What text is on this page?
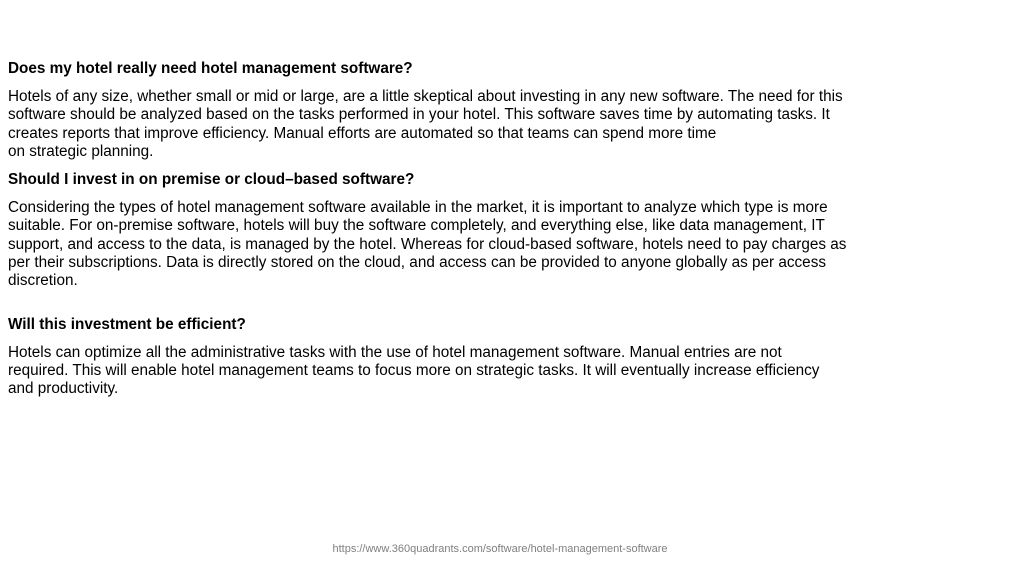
Does my hotel really need hotel management software?
Hotels of any size, whether small or mid or large, are a little skeptical about investing in any new software. The need for this
software should be analyzed based on the tasks performed in your hotel. This software saves time by automating tasks. It
creates reports that improve efficiency. Manual efforts are automated so that teams can spend more time
on strategic planning.
Should I invest in on premise or cloud–based software?
Considering the types of hotel management software available in the market, it is important to analyze which type is more
suitable. For on-premise software, hotels will buy the software completely, and everything else, like data management, IT
support, and access to the data, is managed by the hotel. Whereas for cloud-based software, hotels need to pay charges as
per their subscriptions. Data is directly stored on the cloud, and access can be provided to anyone globally as per access
discretion.
Will this investment be efficient?
Hotels can optimize all the administrative tasks with the use of hotel management software. Manual entries are not
required. This will enable hotel management teams to focus more on strategic tasks. It will eventually increase efficiency
and productivity.
https://www.360quadrants.com/software/hotel-management-software
